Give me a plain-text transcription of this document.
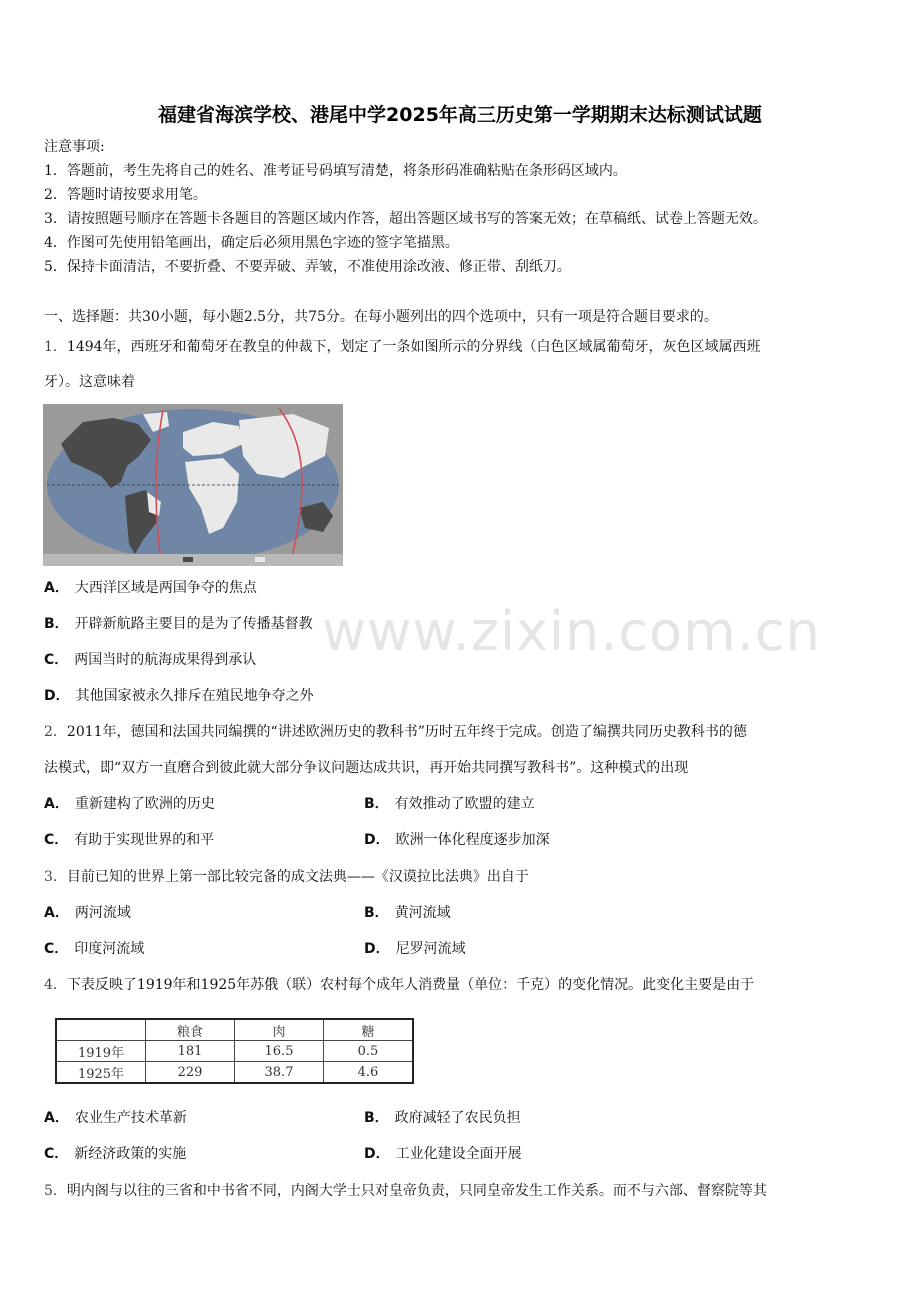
福建省海滨学校、港尾中学2025年高三历史第一学期期末达标测试试题
注意事项:
1．答题前，考生先将自己的姓名、准考证号码填写清楚，将条形码准确粘贴在条形码区域内。
2．答题时请按要求用笔。
3．请按照题号顺序在答题卡各题目的答题区域内作答，超出答题区域书写的答案无效；在草稿纸、试卷上答题无效。
4．作图可先使用铅笔画出，确定后必须用黑色字迹的签字笔描黑。
5．保持卡面清洁，不要折叠、不要弄破、弄皱，不准使用涂改液、修正带、刮纸刀。
一、选择题：共30小题，每小题2.5分，共75分。在每小题列出的四个选项中，只有一项是符合题目要求的。
1．1494年，西班牙和葡萄牙在教皇的仲裁下，划定了一条如图所示的分界线（白色区域属葡萄牙，灰色区域属西班
牙）。这意味着
A． 大西洋区域是两国争夺的焦点
B． 开辟新航路主要目的是为了传播基督教
C． 两国当时的航海成果得到承认
D． 其他国家被永久排斥在殖民地争夺之外
www.zixin.com.cn
2．2011年，德国和法国共同编撰的“讲述欧洲历史的教科书”历时五年终于完成。创造了编撰共同历史教科书的德
法模式，即“双方一直磨合到彼此就大部分争议问题达成共识，再开始共同撰写教科书”。这种模式的出现
A． 重新建构了欧洲的历史	B． 有效推动了欧盟的建立
C． 有助于实现世界的和平	D． 欧洲一体化程度逐步加深
3．目前已知的世界上第一部比较完备的成文法典——《汉谟拉比法典》出自于
A． 两河流域	B． 黄河流域
C． 印度河流域	D． 尼罗河流域
4．下表反映了1919年和1925年苏俄（联）农村每个成年人消费量（单位：千克）的变化情况。此变化主要是由于
	粮食	肉	糖
1919年	181	16.5	0.5
1925年	229	38.7	4.6
A． 农业生产技术革新	B． 政府减轻了农民负担
C． 新经济政策的实施	D． 工业化建设全面开展
5．明内阁与以往的三省和中书省不同，内阁大学士只对皇帝负责，只同皇帝发生工作关系。而不与六部、督察院等其
